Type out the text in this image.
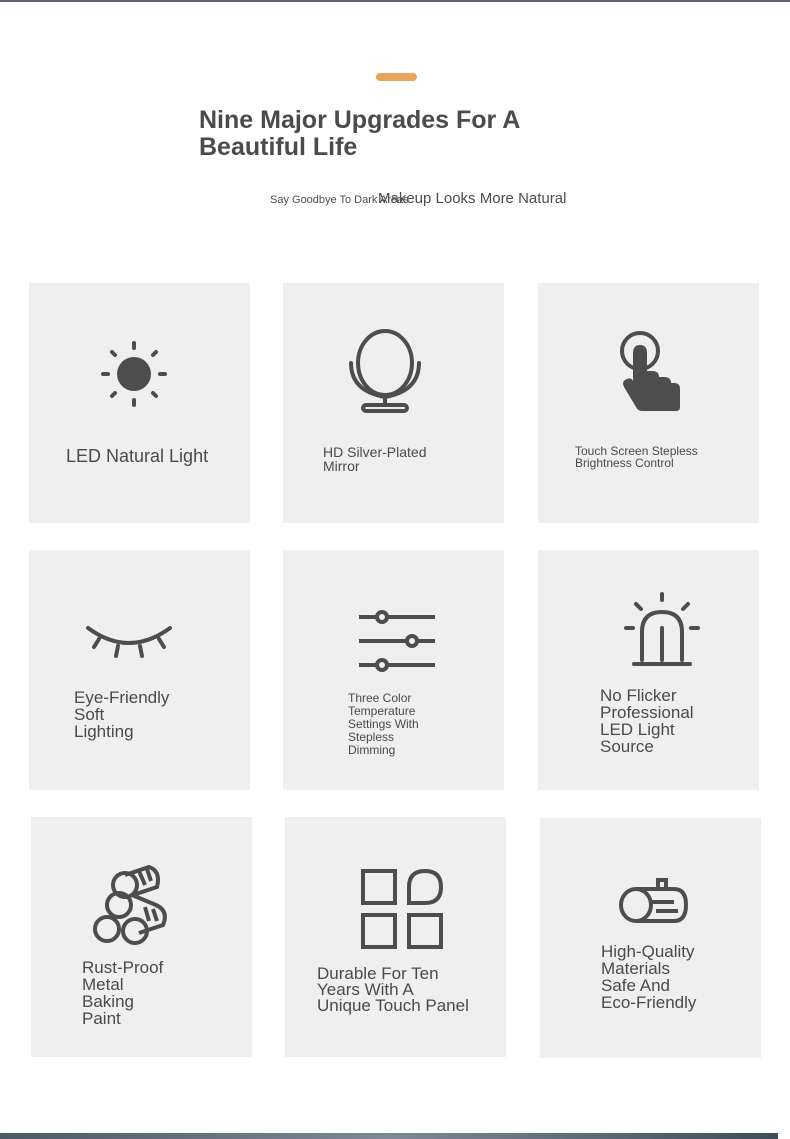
Nine Major Upgrades For A Beautiful Life
Say Goodbye To Dark Areas
Makeup Looks More Natural
LED Natural Light	HD Silver-Plated
Mirror
Touch Screen Stepless
Brightness Control
Eye-Friendly
Soft
Lighting
Three Color
Temperature
Settings With
Stepless
Dimming
No Flicker
Professional
LED Light
Source
Rust-Proof
Metal
Baking
Paint
Durable For Ten
Years With A
Unique Touch Panel
High-Quality
Materials
Safe And
Eco-Friendly
